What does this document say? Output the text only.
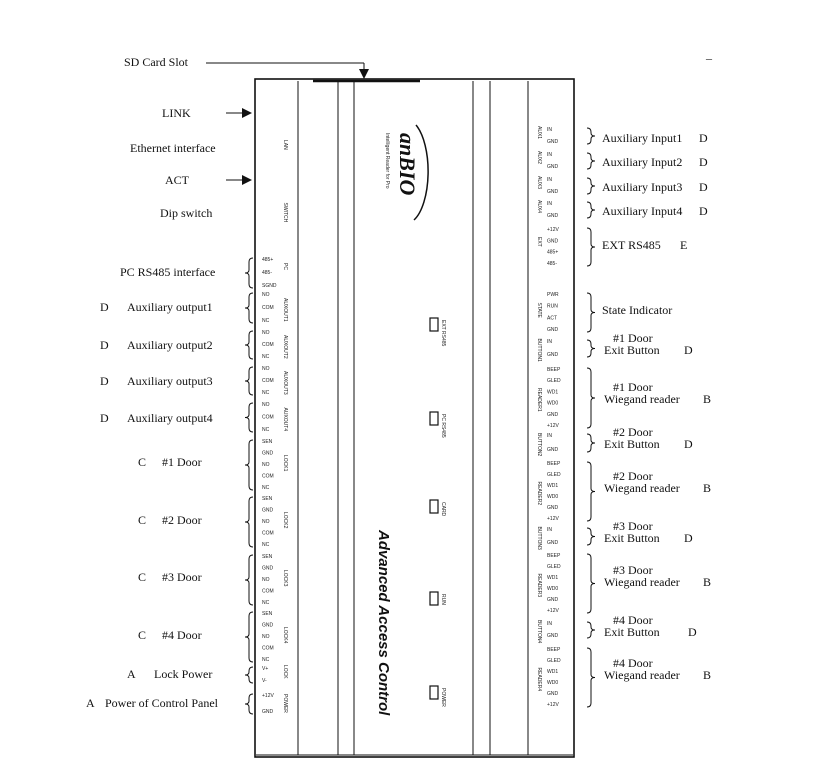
SD Card Slot
_
anBIO
Intelligent Reader for Pro
Advanced Access Control
LINK
Ethernet interface
ACT
Dip switch
PC RS485 interface
D Auxiliary output1
D Auxiliary output2
D Auxiliary output3
D Auxiliary output4
C #1 Door
C #2 Door
C #3 Door
C #4 Door
A Lock Power
A Power of Control Panel
Auxiliary Input1 D
Auxiliary Input2 D
Auxiliary Input3 D
Auxiliary Input4 D
EXT RS485 E
State Indicator
#1 Door
Exit Button D
#1 Door
Wiegand reader B
#2 Door
Exit Button D
#2 Door
Wiegand reader B
#3 Door
Exit Button D
#3 Door
Wiegand reader B
#4 Door
Exit Button D
#4 Door
Wiegand reader B
LAN
SWITCH
485+
485-
SGND
PC
NO
COM
NC	AUXOUT1
NO
COM
NC	AUXOUT2
NO
COM
NC	AUXOUT3
NO
COM
NC	AUXOUT4
SEN
GND
NO
COM
NC
LOCK1
SEN
GND
NO
COM
NC
LOCK2
SEN
GND
NO
COM
NC
LOCK3
SEN
GND
NO
COM
NC
LOCK4
V+
V-
LOCK
+12V
GND POWER
IN
GND
AUX1
IN
GND
AUX2
IN
GND
AUX3
IN
GND
AUX4
+12V
GND
485+
485-
EXT
PWR
RUN
ACT
GND
STATE
IN
GND
BUTTON1
BEEP
GLED
WD1
WD0
GND
+12V
READER1
IN
GND
BUTTON2
BEEP
GLED
WD1
WD0
GND
+12V
READER2
IN
GND
BUTTON3
BEEP
GLED
WD1
WD0
GND
+12V
READER3
IN
GND
BUTTON4
BEEP
GLED
WD1
WD0
GND
+12V
READER4
EXT RS485
PC RS485
CARD
RUN
POWER
